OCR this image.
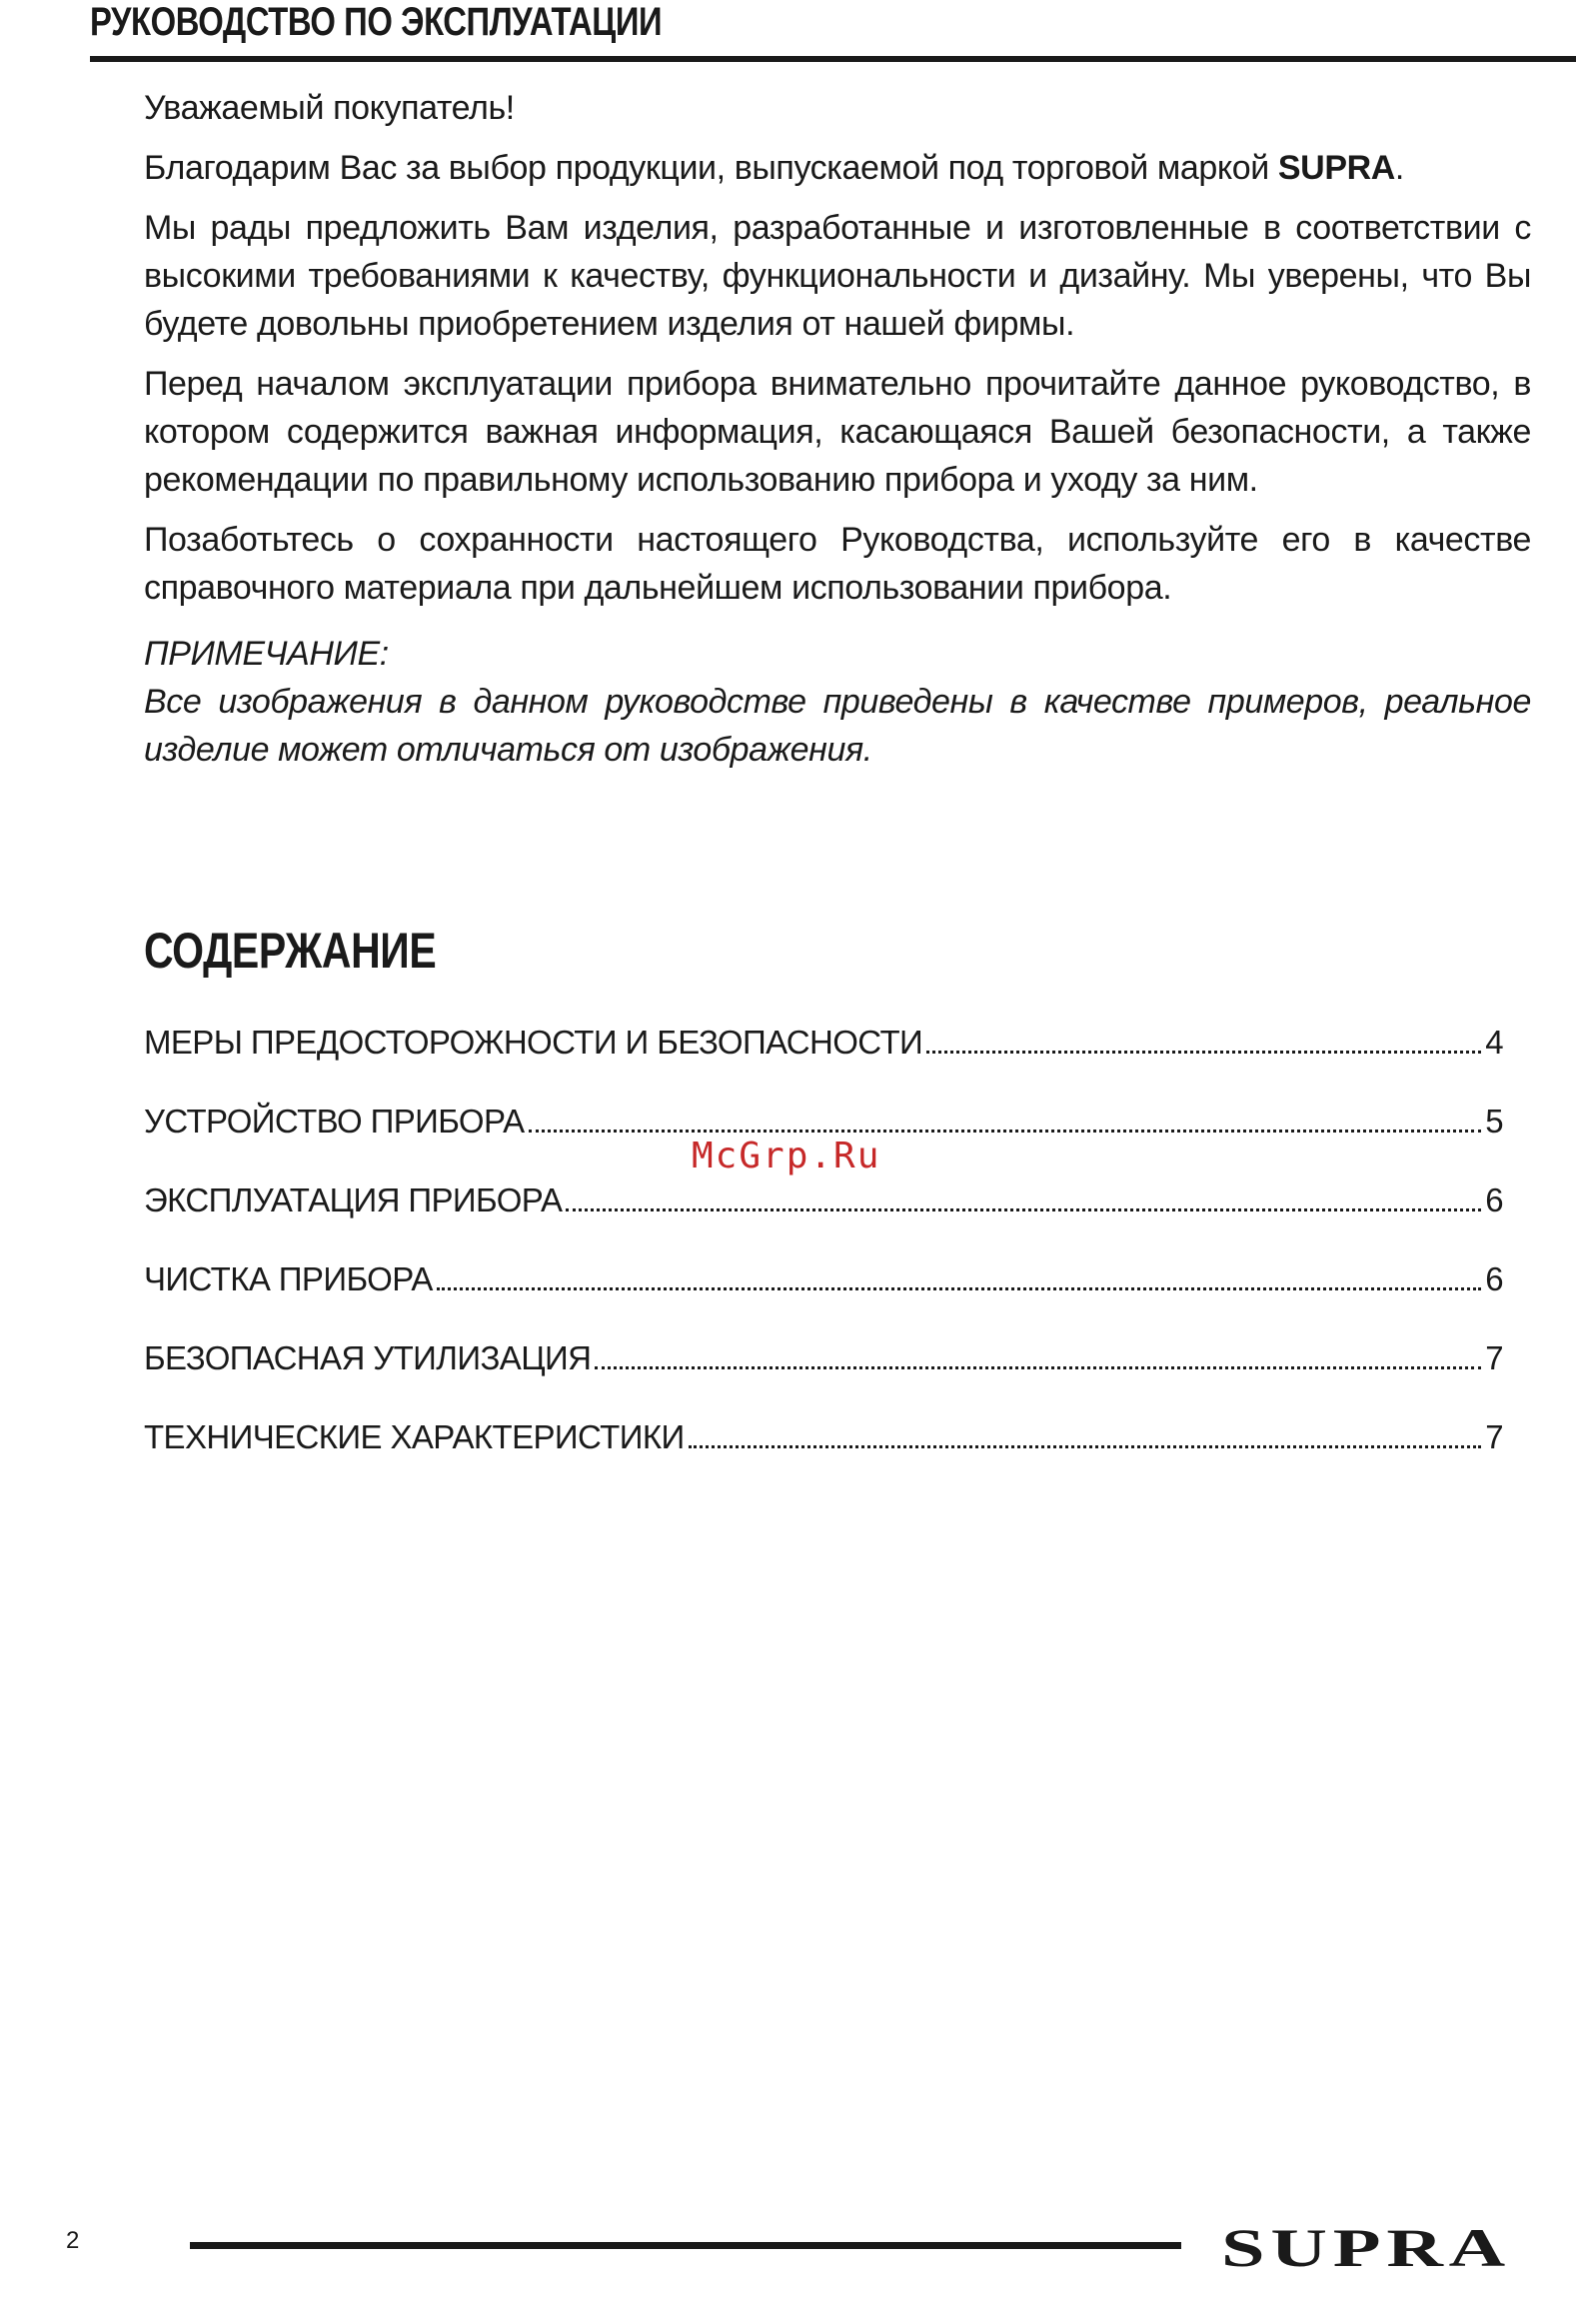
РУКОВОДСТВО ПО ЭКСПЛУАТАЦИИ

Уважаемый покупатель!

Благодарим Вас за выбор продукции, выпускаемой под торговой маркой SUPRA.

Мы рады предложить Вам изделия, разработанные и изготовленные в соответствии с высокими требованиями к качеству, функциональности и дизайну. Мы уверены, что Вы будете довольны приобретением изделия от нашей фирмы.

Перед началом эксплуатации прибора внимательно прочитайте данное руководство, в котором содержится важная информация, касающаяся Вашей безопасности, а также рекомендации по правильному использованию прибора и уходу за ним.

Позаботьтесь о сохранности настоящего Руководства, используйте его в качестве справочного материала при дальнейшем использовании прибора.

ПРИМЕЧАНИЕ:

Все изображения в данном руководстве приведены в качестве примеров, реальное изделие может отличаться от изображения.

СОДЕРЖАНИЕ
МЕРЫ ПРЕДОСТОРОЖНОСТИ И БЕЗОПАСНОСТИ	4
УСТРОЙСТВО ПРИБОРА	5
ЭКСПЛУАТАЦИЯ ПРИБОРА	6
ЧИСТКА ПРИБОРА	6
БЕЗОПАСНАЯ УТИЛИЗАЦИЯ	7
ТЕХНИЧЕСКИЕ ХАРАКТЕРИСТИКИ	7
McGrp.Ru
2	SUPRA
